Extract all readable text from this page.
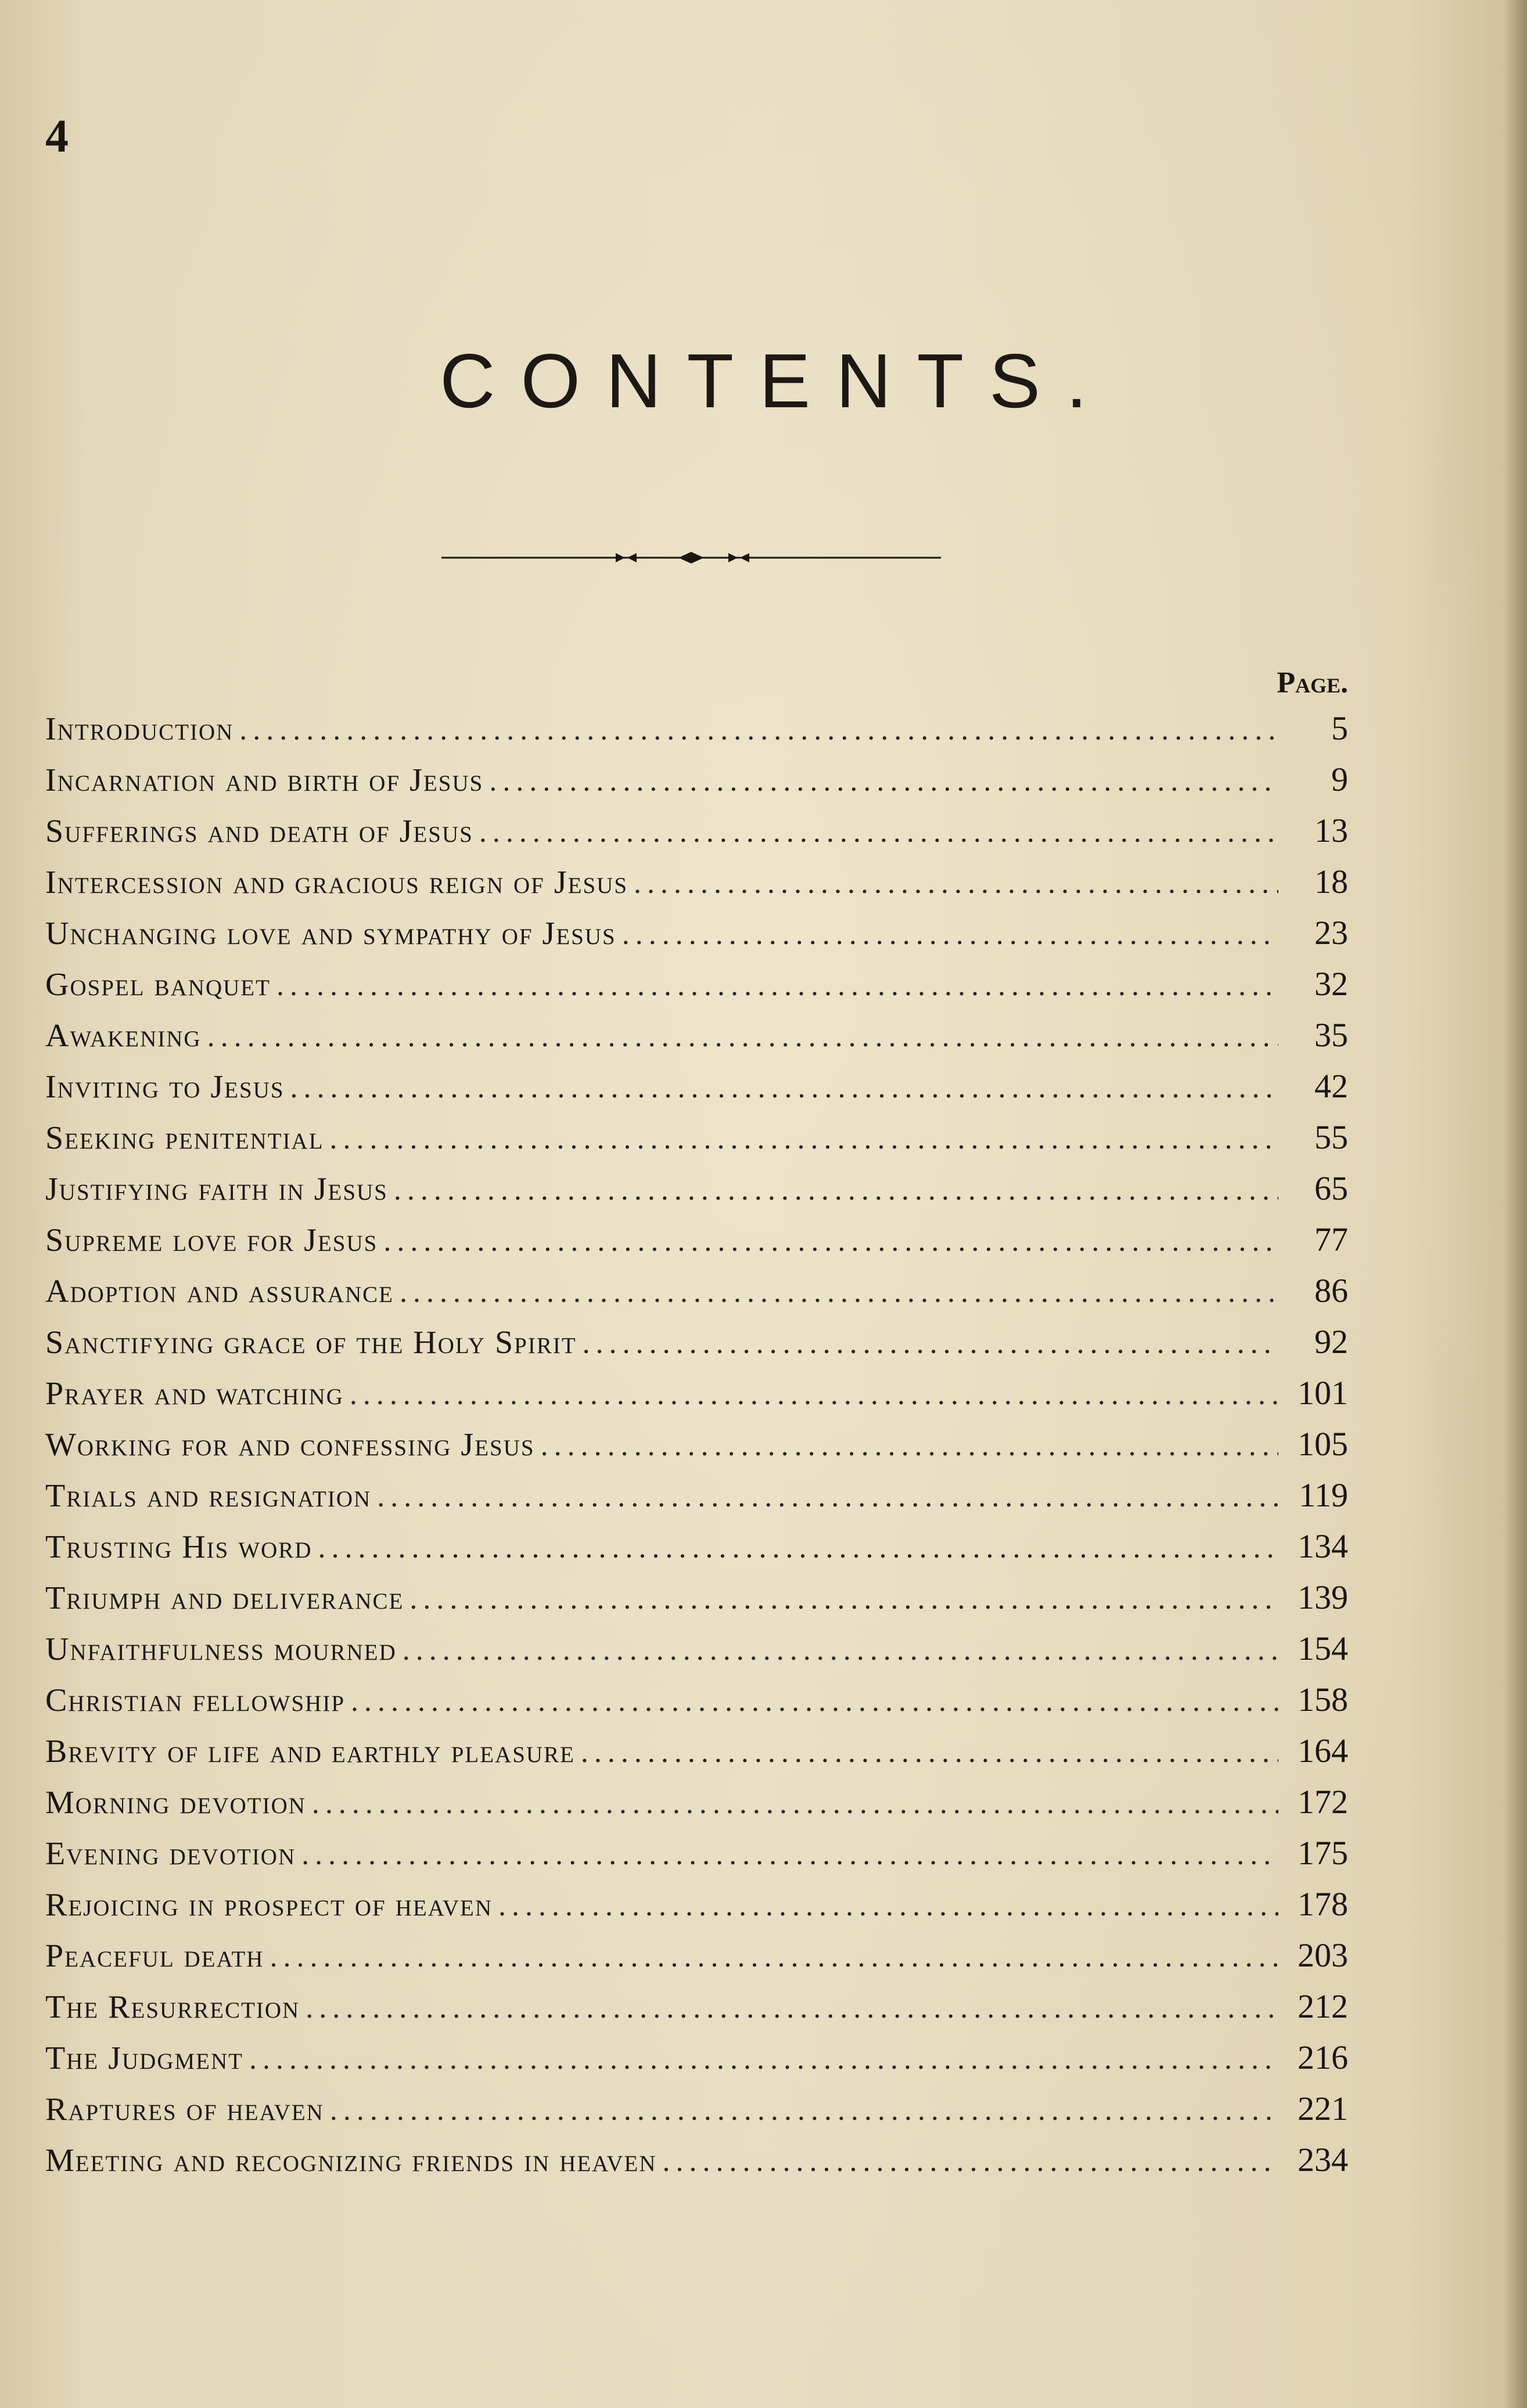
4
CONTENTS.
Page.
Introduction .....	5
Incarnation and birth of Jesus .....	9
Sufferings and death of Jesus .....	13
Intercession and gracious reign of Jesus .....	18
Unchanging love and sympathy of Jesus .....	23
Gospel banquet .....	32
Awakening .....	35
Inviting to Jesus .....	42
Seeking penitential .....	55
Justifying faith in Jesus .....	65
Supreme love for Jesus .....	77
Adoption and assurance .....	86
Sanctifying grace of the Holy Spirit .....	92
Prayer and watching .....	101
Working for and confessing Jesus .....	105
Trials and resignation .....	119
Trusting His word .....	134
Triumph and deliverance .....	139
Unfaithfulness mourned .....	154
Christian fellowship .....	158
Brevity of life and earthly pleasure .....	164
Morning devotion .....	172
Evening devotion .....	175
Rejoicing in prospect of heaven .....	178
Peaceful death .....	203
The Resurrection .....	212
The Judgment .....	216
Raptures of heaven .....	221
Meeting and recognizing friends in heaven .....	234
